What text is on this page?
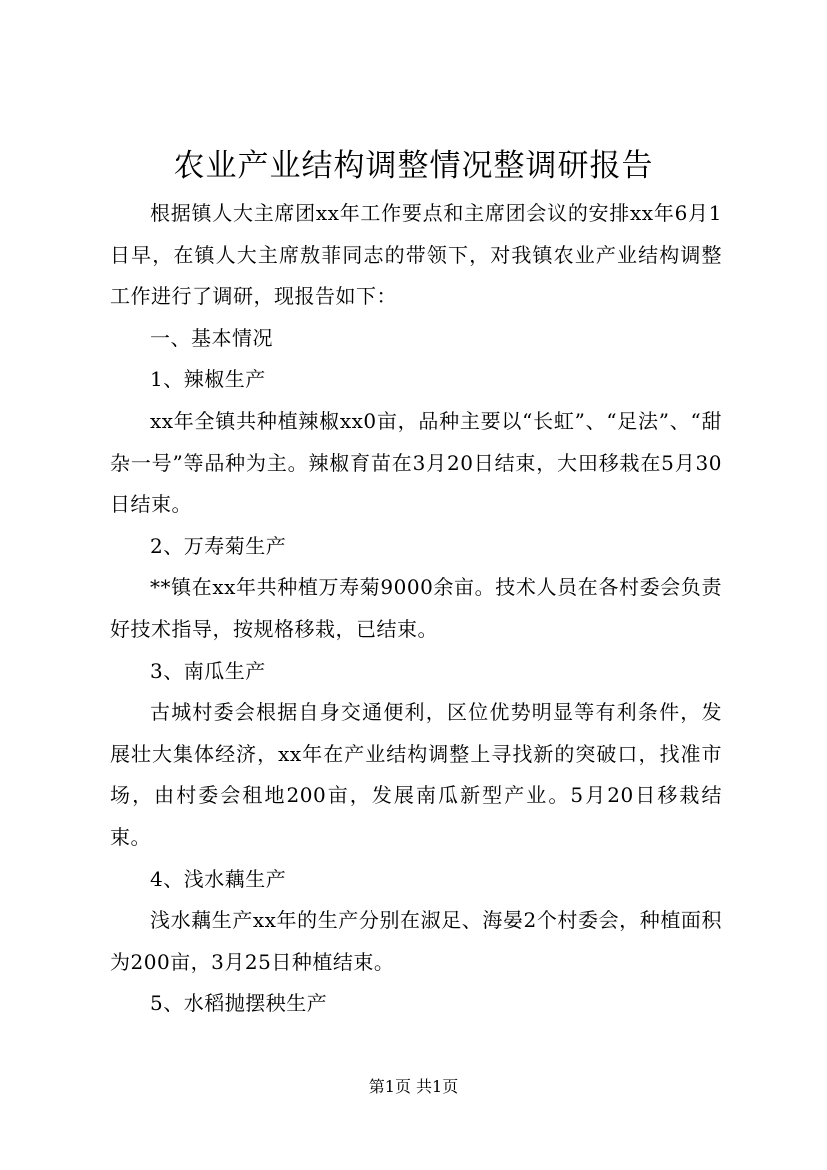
农业产业结构调整情况整调研报告

根据镇人大主席团xx年工作要点和主席团会议的安排xx年6月1日早，在镇人大主席敖菲同志的带领下，对我镇农业产业结构调整工作进行了调研，现报告如下：

一、基本情况

1、辣椒生产

xx年全镇共种植辣椒xx0亩，品种主要以“长虹”、“足法”、“甜杂一号”等品种为主。辣椒育苗在3月20日结束，大田移栽在5月30日结束。

2、万寿菊生产

**镇在xx年共种植万寿菊9000余亩。技术人员在各村委会负责好技术指导，按规格移栽，已结束。

3、南瓜生产

古城村委会根据自身交通便利，区位优势明显等有利条件，发展壮大集体经济，xx年在产业结构调整上寻找新的突破口，找准市场，由村委会租地200亩，发展南瓜新型产业。5月20日移栽结束。

4、浅水藕生产

浅水藕生产xx年的生产分别在淑足、海晏2个村委会，种植面积为200亩，3月25日种植结束。

5、水稻抛摆秧生产

第1页 共1页
